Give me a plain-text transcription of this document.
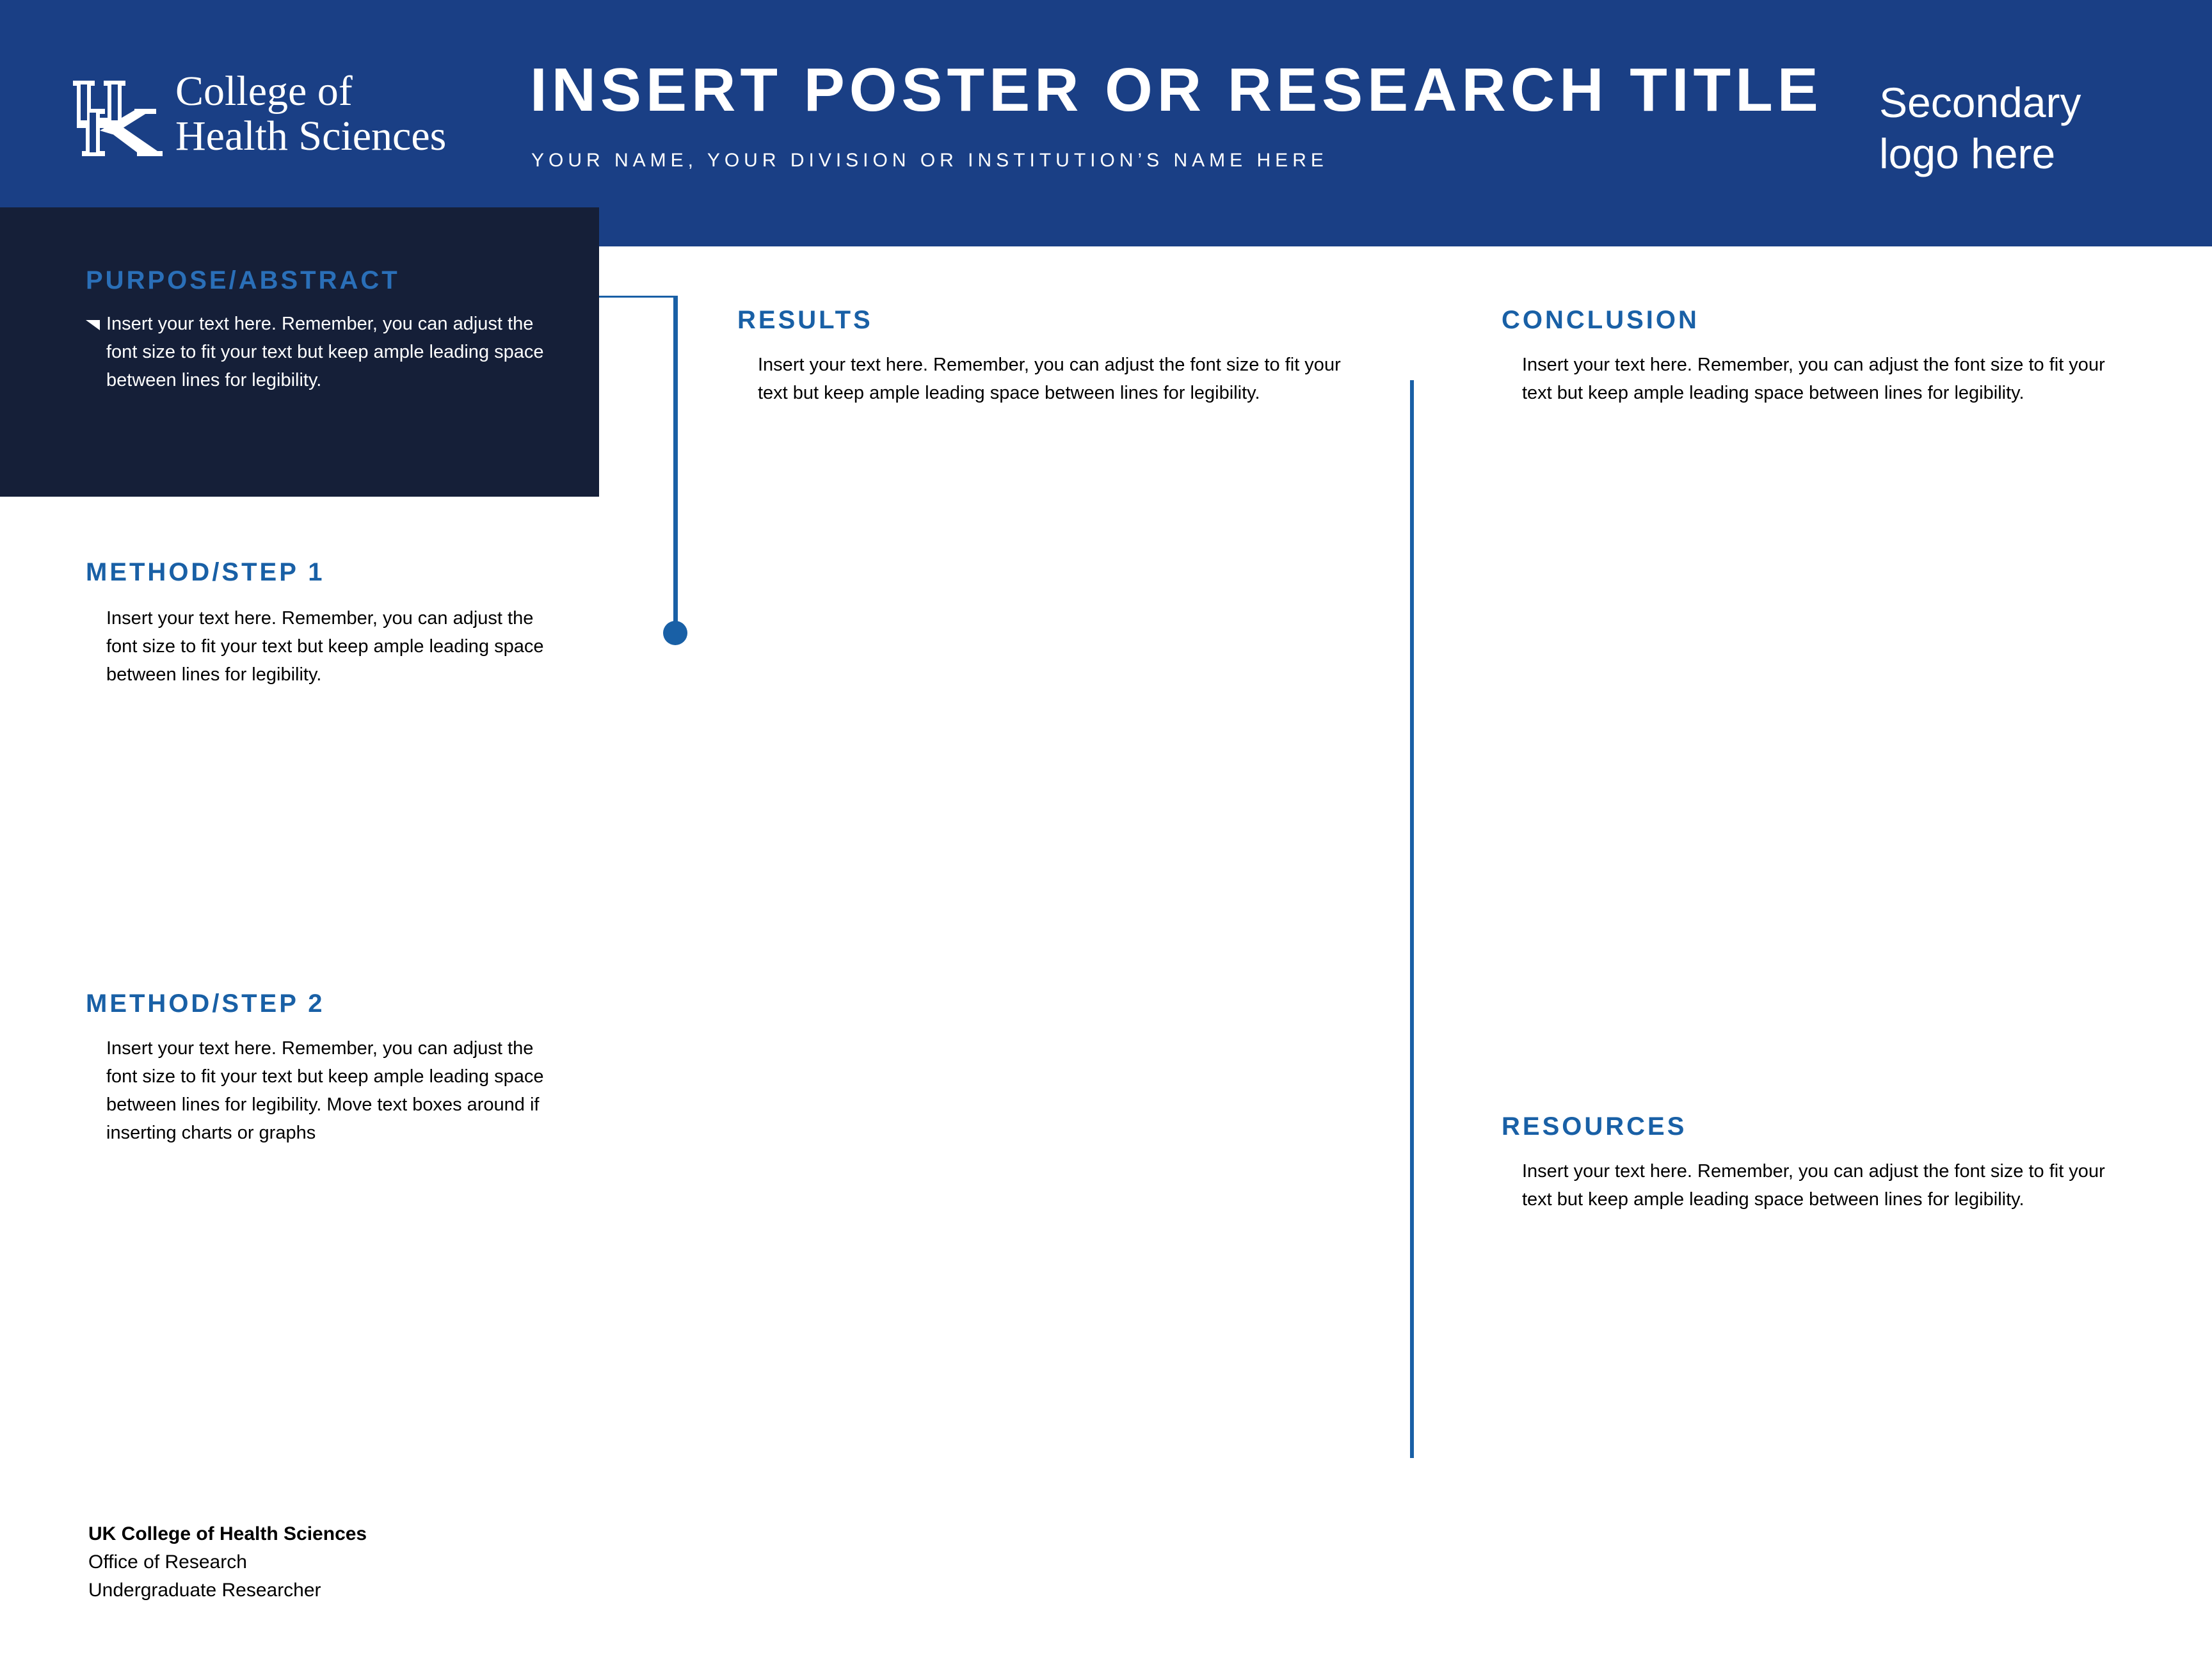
College of
Health Sciences
INSERT POSTER OR RESEARCH TITLE
YOUR NAME, YOUR DIVISION OR INSTITUTION’S NAME HERE
Secondary
logo here
PURPOSE/ABSTRACT
Insert your text here. Remember, you can adjust the font size to fit your text but keep ample leading space between lines for legibility.
METHOD/STEP 1
Insert your text here. Remember, you can adjust the font size to fit your text but keep ample leading space between lines for legibility.
METHOD/STEP 2
Insert your text here. Remember, you can adjust the font size to fit your text but keep ample leading space between lines for legibility. Move text boxes around if inserting charts or graphs
RESULTS
Insert your text here. Remember, you can adjust the font size to fit your text but keep ample leading space between lines for legibility.
CONCLUSION
Insert your text here. Remember, you can adjust the font size to fit your text but keep ample leading space between lines for legibility.
RESOURCES
Insert your text here. Remember, you can adjust the font size to fit your text but keep ample leading space between lines for legibility.
UK College of Health Sciences
Office of Research
Undergraduate Researcher
